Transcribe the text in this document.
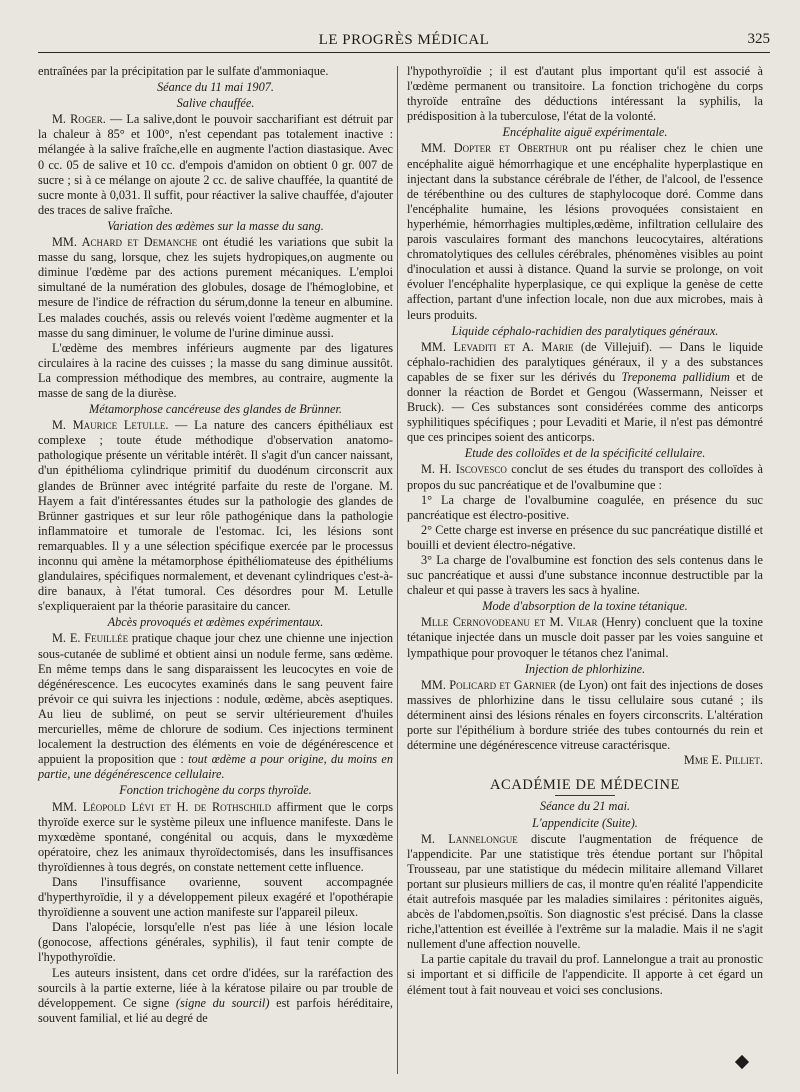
LE PROGRÈS MÉDICAL	325

entraînées par la précipitation par le sulfate d'ammoniaque.

Séance du 11 mai 1907.

Salive chauffée.

M. Roger. — La salive,dont le pouvoir saccharifiant est détruit par la chaleur à 85° et 100°, n'est cependant pas totalement inactive : mélangée à la salive fraîche,elle en augmente l'action diastasique. Avec 0 cc. 05 de salive et 10 cc. d'empois d'amidon on obtient 0 gr. 007 de sucre ; si à ce mélange on ajoute 2 cc. de salive chauffée, la quantité de sucre monte à 0,031. Il suffit, pour réactiver la salive chauffée, d'ajouter des traces de salive fraîche.

Variation des œdèmes sur la masse du sang.

MM. Achard et Demanche ont étudié les variations que subit la masse du sang, lorsque, chez les sujets hydropiques,on augmente ou diminue l'œdème par des actions purement mécaniques. L'emploi simultané de la numération des globules, dosage de l'hémoglobine, et mesure de l'indice de réfraction du sérum,donne la teneur en albumine. Les malades couchés, assis ou relevés voient l'œdème augmenter et la masse du sang diminuer, le volume de l'urine diminue aussi.

L'œdème des membres inférieurs augmente par des ligatures circulaires à la racine des cuisses ; la masse du sang diminue aussitôt. La compression méthodique des membres, au contraire, augmente la masse de sang de la diurèse.

Métamorphose cancéreuse des glandes de Brünner.

M. Maurice Letulle. — La nature des cancers épithéliaux est complexe ; toute étude méthodique d'observation anatomo-pathologique présente un véritable intérêt. Il s'agit d'un cancer naissant, d'un épithélioma cylindrique primitif du duodénum circonscrit aux glandes de Brünner avec intégrité parfaite du reste de l'organe. M. Hayem a fait d'intéressantes études sur la pathologie des glandes de Brünner gastriques et sur leur rôle pathogénique dans la pathologie inflammatoire et tumorale de l'estomac. Ici, les lésions sont remarquables. Il y a une sélection spécifique exercée par le processus inconnu qui amène la métamorphose épithéliomateuse des épithéliums glandulaires, spécifiques normalement, et devenant cylindriques c'est-à-dire banaux, à l'état tumoral. Ces désordres pour M. Letulle s'expliqueraient par la théorie parasitaire du cancer.

Abcès provoqués et œdèmes expérimentaux.

M. E. Feuillée pratique chaque jour chez une chienne une injection sous-cutanée de sublimé et obtient ainsi un nodule ferme, sans œdème. En même temps dans le sang disparaissent les leucocytes en voie de dégénérescence. Les eucocytes examinés dans le sang peuvent faire prévoir ce qui suivra les injections : nodule, œdème, abcès aseptiques. Au lieu de sublimé, on peut se servir ultérieurement d'huiles mercurielles, même de chlorure de sodium. Ces injections terminent localement la destruction des éléments en voie de dégénérescence et appuient la proposition que : tout œdème a pour origine, du moins en partie, une dégénérescence cellulaire.

Fonction trichogène du corps thyroïde.

MM. Léopold Lévi et H. de Rothschild affirment que le corps thyroïde exerce sur le système pileux une influence manifeste. Dans le myxœdème spontané, congénital ou acquis, dans le myxœdème opératoire, chez les animaux thyroïdectomisés, dans les insuffisances thyroïdiennes à tous degrés, on constate nettement cette influence.

Dans l'insuffisance ovarienne, souvent accompagnée d'hyperthyroïdie, il y a développement pileux exagéré et l'opothérapie thyroïdienne a souvent une action manifeste sur l'appareil pileux.

Dans l'alopécie, lorsqu'elle n'est pas liée à une lésion locale (gonocose, affections générales, syphilis), il faut tenir compte de l'hypothyroïdie.

Les auteurs insistent, dans cet ordre d'idées, sur la raréfaction des sourcils à la partie externe, liée à la kératose pilaire ou par trouble de développement. Ce signe (signe du sourcil) est parfois héréditaire, souvent familial, et lié au degré de

l'hypothyroïdie ; il est d'autant plus important qu'il est associé à l'œdème permanent ou transitoire. La fonction trichogène du corps thyroïde entraîne des déductions intéressant la syphilis, la prédisposition à la tuberculose, l'état de la volonté.

Encéphalite aiguë expérimentale.

MM. Dopter et Oberthur ont pu réaliser chez le chien une encéphalite aiguë hémorrhagique et une encéphalite hyperplastique en injectant dans la substance cérébrale de l'éther, de l'alcool, de l'essence de térébenthine ou des cultures de staphylocoque doré. Comme dans l'encéphalite humaine, les lésions provoquées consistaient en hyperhémie, hémorrhagies multiples,œdème, infiltration cellulaire des parois vasculaires formant des manchons leucocytaires, altérations chromatolytiques des cellules cérébrales, phénomènes visibles au point d'inoculation et aussi à distance. Quand la survie se prolonge, on voit évoluer l'encéphalite hyperplasique, ce qui explique la genèse de cette affection, partant d'une infection locale, non due aux microbes, mais à leurs produits.

Liquide céphalo-rachidien des paralytiques généraux.

MM. Levaditi et A. Marie (de Villejuif). — Dans le liquide céphalo-rachidien des paralytiques généraux, il y a des substances capables de se fixer sur les dérivés du Treponema pallidium et de donner la réaction de Bordet et Gengou (Wassermann, Neisser et Bruck). — Ces substances sont considérées comme des anticorps syphilitiques spécifiques ; pour Levaditi et Marie, il n'est pas démontré que ces principes soient des anticorps.

Etude des colloïdes et de la spécificité cellulaire.

M. H. Iscovesco conclut de ses études du transport des colloïdes à propos du suc pancréatique et de l'ovalbumine que :

1° La charge de l'ovalbumine coagulée, en présence du suc pancréatique est électro-positive.

2° Cette charge est inverse en présence du suc pancréatique distillé et bouilli et devient électro-négative.

3° La charge de l'ovalbumine est fonction des sels contenus dans le suc pancréatique et aussi d'une substance inconnue destructible par la chaleur et qui passe à travers les sacs à hyaline.

Mode d'absorption de la toxine tétanique.

Mlle Cernovodeanu et M. Vilar (Henry) concluent que la toxine tétanique injectée dans un muscle doit passer par les voies sanguine et lympathique pour provoquer le tétanos chez l'animal.

Injection de phlorhizine.

MM. Policard et Garnier (de Lyon) ont fait des injections de doses massives de phlorhizine dans le tissu cellulaire sous cutané ; ils déterminent ainsi des lésions rénales en foyers circonscrits. L'altération porte sur l'épithélium à bordure striée des tubes contournés du rein et détermine une dégénérescence vitreuse caractérisque.

Mme E. Pilliet.

ACADÉMIE DE MÉDECINE

Séance du 21 mai.

L'appendicite (Suite).

M. Lannelongue discute l'augmentation de fréquence de l'appendicite. Par une statistique très étendue portant sur l'hôpital Trousseau, par une statistique du médecin militaire allemand Villaret portant sur plusieurs milliers de cas, il montre qu'en réalité l'appendicite était autrefois masquée par les maladies similaires : péritonites aiguës, abcès de l'abdomen,psoïtis. Son diagnostic s'est précisé. Dans la classe riche,l'attention est éveillée à l'extrême sur la maladie. Mais il ne s'agit nullement d'une affection nouvelle.

La partie capitale du travail du prof. Lannelongue a trait au pronostic si important et si difficile de l'appendicite. Il apporte à cet égard un élément tout à fait nouveau et voici ses conclusions.
